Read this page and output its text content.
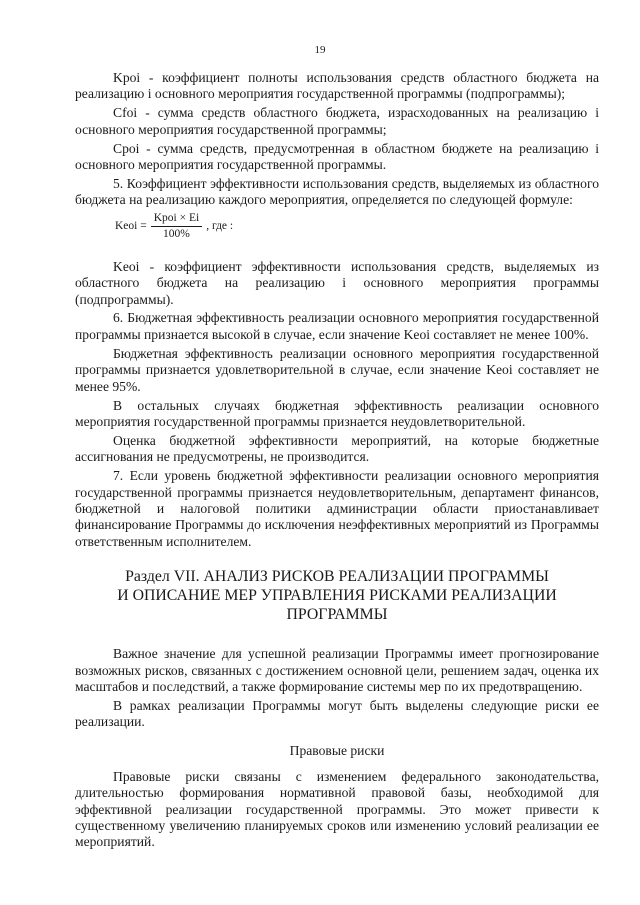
19

Kpoi - коэффициент полноты использования средств областного бюджета на реализацию i основного мероприятия государственной программы (подпрограммы);

Cfoi - сумма средств областного бюджета, израсходованных на реализацию i основного мероприятия государственной программы;

Cpoi - сумма средств, предусмотренная в областном бюджете на реализацию i основного мероприятия государственной программы.

5. Коэффициент эффективности использования средств, выделяемых из областного бюджета на реализацию каждого мероприятия, определяется по следующей формуле:

Keoi = $\frac{\text{Kpoi × Ei}}{100\%}$ , где :

Keoi - коэффициент эффективности использования средств, выделяемых из областного бюджета на реализацию i основного мероприятия программы (подпрограммы).

6. Бюджетная эффективность реализации основного мероприятия государственной программы признается высокой в случае, если значение Keoi составляет не менее 100%.

Бюджетная эффективность реализации основного мероприятия государственной программы признается удовлетворительной в случае, если значение Keoi составляет не менее 95%.

В остальных случаях бюджетная эффективность реализации основного мероприятия государственной программы признается неудовлетворительной.

Оценка бюджетной эффективности мероприятий, на которые бюджетные ассигнования не предусмотрены, не производится.

7. Если уровень бюджетной эффективности реализации основного мероприятия государственной программы признается неудовлетворительным, департамент финансов, бюджетной и налоговой политики администрации области приостанавливает финансирование Программы до исключения неэффективных мероприятий из Программы ответственным исполнителем.

Раздел VII. АНАЛИЗ РИСКОВ РЕАЛИЗАЦИИ ПРОГРАММЫ
И ОПИСАНИЕ МЕР УПРАВЛЕНИЯ РИСКАМИ РЕАЛИЗАЦИИ ПРОГРАММЫ

Важное значение для успешной реализации Программы имеет прогнозирование возможных рисков, связанных с достижением основной цели, решением задач, оценка их масштабов и последствий, а также формирование системы мер по их предотвращению.

В рамках реализации Программы могут быть выделены следующие риски ее реализации.

Правовые риски

Правовые риски связаны с изменением федерального законодательства, длительностью формирования нормативной правовой базы, необходимой для эффективной реализации государственной программы. Это может привести к существенному увеличению планируемых сроков или изменению условий реализации ее мероприятий.
